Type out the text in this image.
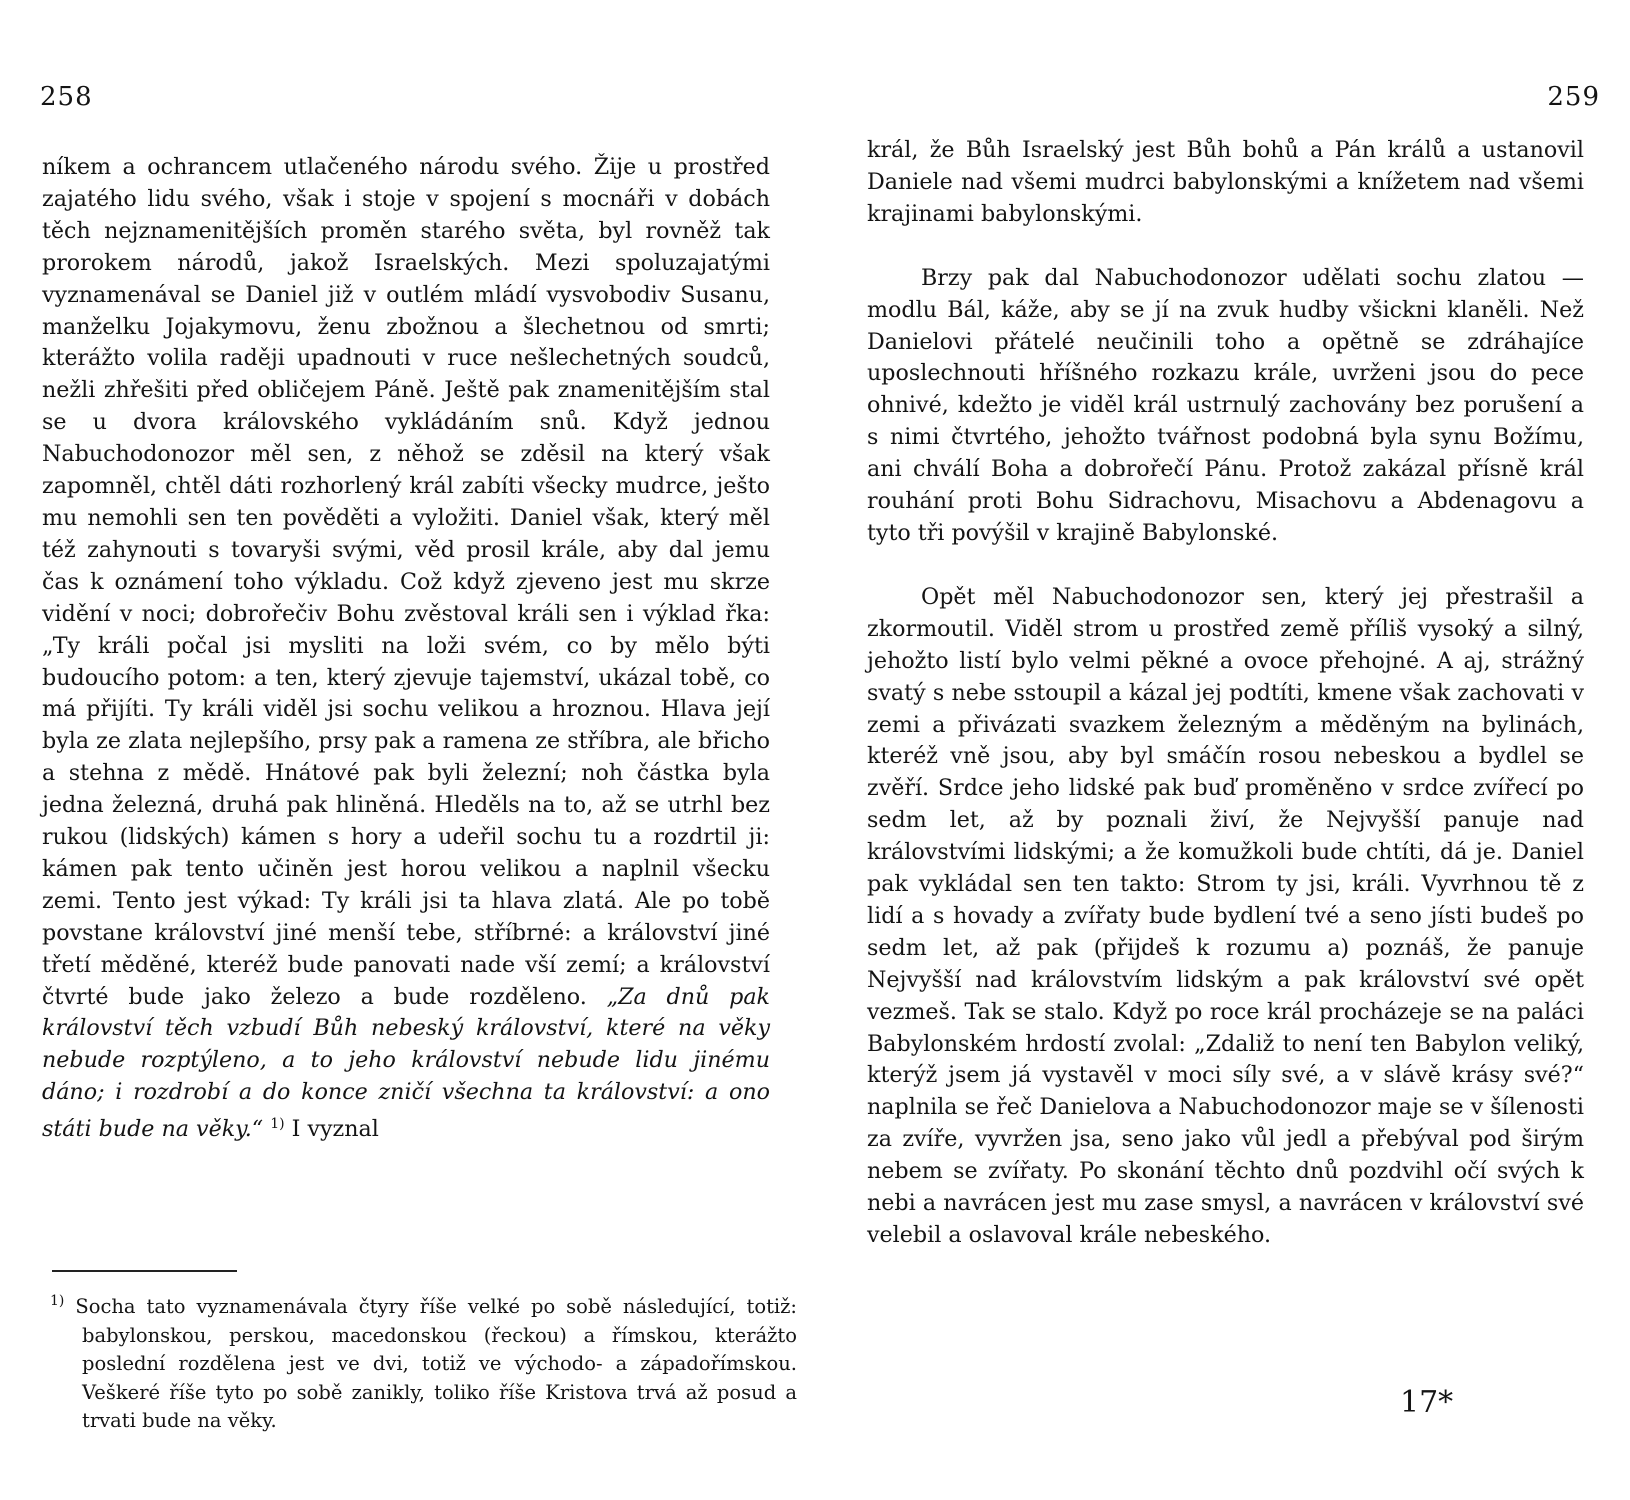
258

níkem a ochrancem utlačeného národu svého. Žije u prostřed zajatého lidu svého, však i stoje v spojení s mocnáři v dobách těch nejznamenitějších proměn starého světa, byl rovněž tak prorokem národů, jakož Israelských. Mezi spoluzajatými vyznamenával se Daniel již v outlém mládí vysvobodiv Susanu, manželku Jojakymovu, ženu zbožnou a šlechetnou od smrti; kterážto volila raději upadnouti v ruce nešlechetných soudců, nežli zhřešiti před obličejem Páně. Ještě pak znamenitějším stal se u dvora královského vykládáním snů. Když jednou Nabuchodonozor měl sen, z něhož se zděsil na který však zapomněl, chtěl dáti rozhorlený král zabíti všecky mudrce, ješto mu nemohli sen ten pověděti a vyložiti. Daniel však, který měl též zahynouti s tovaryši svými, věd prosil krále, aby dal jemu čas k oznámení toho výkladu. Což když zjeveno jest mu skrze vidění v noci; dobrořečiv Bohu zvěstoval králi sen i výklad řka: „Ty králi počal jsi mysliti na loži svém, co by mělo býti budoucího potom: a ten, který zjevuje tajemství, ukázal tobě, co má přijíti. Ty králi viděl jsi sochu velikou a hroznou. Hlava její byla ze zlata nejlepšího, prsy pak a ramena ze stříbra, ale břicho a stehna z mědě. Hnátové pak byli železní; noh částka byla jedna železná, druhá pak hliněná. Hleděls na to, až se utrhl bez rukou (lidských) kámen s hory a udeřil sochu tu a rozdrtil ji: kámen pak tento učiněn jest horou velikou a naplnil všecku zemi. Tento jest výkad: Ty králi jsi ta hlava zlatá. Ale po tobě povstane království jiné menší tebe, stříbrné: a království jiné třetí měděné, kteréž bude panovati nade vší zemí; a království čtvrté bude jako železo a bude rozděleno. „Za dnů pak království těch vzbudí Bůh nebeský království, které na věky nebude rozptýleno, a to jeho království nebude lidu jinému dáno; i rozdrobí a do konce zničí všechna ta království: a ono státi bude na věky.“ $^{1)}$ I vyznal

$^{1)}$ Socha tato vyznamenávala čtyry říše velké po sobě následující, totiž: babylonskou, perskou, macedonskou (řeckou) a římskou, kterážto poslední rozdělena jest ve dvi, totiž ve východo- a západořímskou. Veškeré říše tyto po sobě zanikly, toliko říše Kristova trvá až posud a trvati bude na věky.
259

král, že Bůh Israelský jest Bůh bohů a Pán králů a ustanovil Daniele nad všemi mudrci babylonskými a knížetem nad všemi krajinami babylonskými.

Brzy pak dal Nabuchodonozor udělati sochu zlatou — modlu Bál, káže, aby se jí na zvuk hudby všickni klaněli. Než Danielovi přátelé neučinili toho a opětně se zdráhajíce uposlechnouti hříšného rozkazu krále, uvrženi jsou do pece ohnivé, kdežto je viděl král ustrnulý zachovány bez porušení a s nimi čtvrtého, jehožto tvářnost podobná byla synu Božímu, ani chválí Boha a dobrořečí Pánu. Protož zakázal přísně král rouhání proti Bohu Sidrachovu, Misachovu a Abdenagovu a tyto tři povýšil v krajině Babylonské.

Opět měl Nabuchodonozor sen, který jej přestrašil a zkormoutil. Viděl strom u prostřed země příliš vysoký a silný, jehožto listí bylo velmi pěkné a ovoce přehojné. A aj, strážný svatý s nebe sstoupil a kázal jej podtíti, kmene však zachovati v zemi a přivázati svazkem železným a měděným na bylinách, kteréž vně jsou, aby byl smáčín rosou nebeskou a bydlel se zvěří. Srdce jeho lidské pak buď proměněno v srdce zvířecí po sedm let, až by poznali živí, že Nejvyšší panuje nad královstvími lidskými; a že komužkoli bude chtíti, dá je. Daniel pak vykládal sen ten takto: Strom ty jsi, králi. Vyvrhnou tě z lidí a s hovady a zvířaty bude bydlení tvé a seno jísti budeš po sedm let, až pak (přijdeš k rozumu a) poznáš, že panuje Nejvyšší nad královstvím lidským a pak království své opět vezmeš. Tak se stalo. Když po roce král procházeje se na paláci Babylonském hrdostí zvolal: „Zdaliž to není ten Babylon veliký, kterýž jsem já vystavěl v moci síly své, a v slávě krásy své?“ naplnila se řeč Danielova a Nabuchodonozor maje se v šílenosti za zvíře, vyvržen jsa, seno jako vůl jedl a přebýval pod širým nebem se zvířaty. Po skonání těchto dnů pozdvihl očí svých k nebi a navrácen jest mu zase smysl, a navrácen v království své velebil a oslavoval krále nebeského.

17*
